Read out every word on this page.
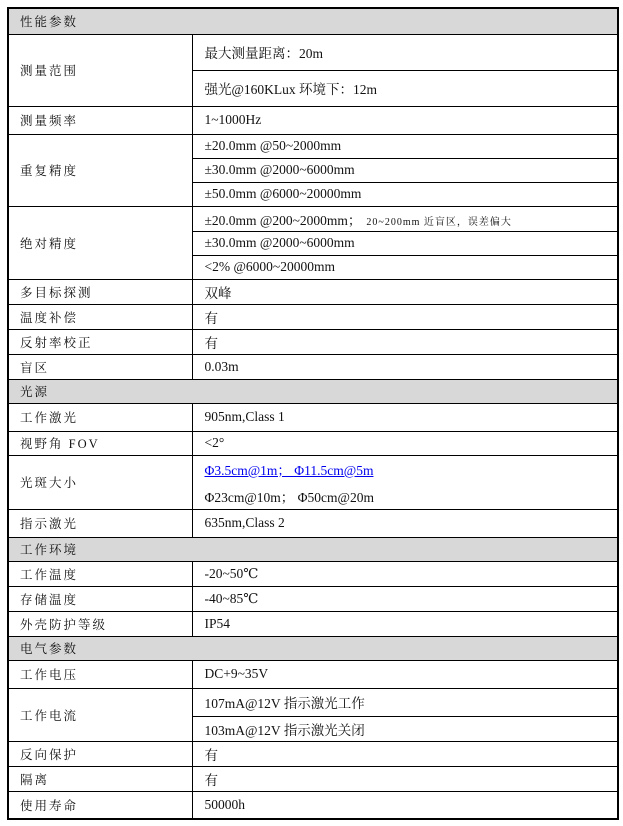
性能参数	
测量范围	最大测量距离：20m
	强光@160KLux 环境下：12m
测量频率	1~1000Hz
重复精度	±20.0mm @50~2000mm
	±30.0mm @2000~6000mm
	±50.0mm @6000~20000mm
绝对精度	±20.0mm @200~2000mm； 20~200mm 近盲区，误差偏大
	±30.0mm @2000~6000mm
	<2% @6000~20000mm
多目标探测	双峰
温度补偿	有
反射率校正	有
盲区	0.03m
光源	
工作激光	905nm,Class 1
视野角 FOV	<2°
光斑大小	Φ3.5cm@1m； Φ11.5cm@5m
Φ23cm@10m； Φ50cm@20m

指示激光	635nm,Class 2
工作环境	
工作温度	-20~50℃
存储温度	-40~85℃
外壳防护等级	IP54
电气参数	
工作电压	DC+9~35V
工作电流	107mA@12V 指示激光工作
	103mA@12V 指示激光关闭
反向保护	有
隔离	有
使用寿命	50000h
